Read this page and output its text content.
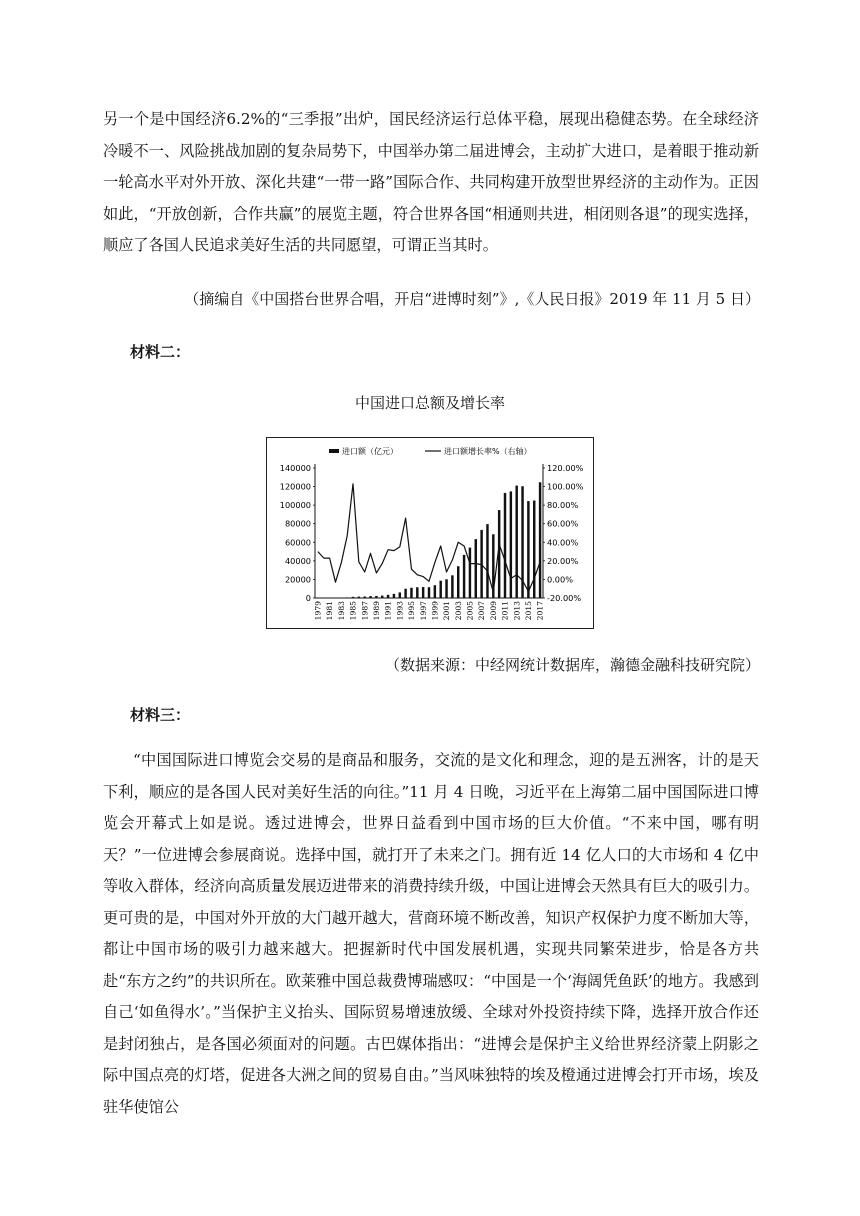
另一个是中国经济6.2%的“三季报”出炉，国民经济运行总体平稳，展现出稳健态势。在全球经济冷暖不一、风险挑战加剧的复杂局势下，中国举办第二届进博会，主动扩大进口，是着眼于推动新一轮高水平对外开放、深化共建“一带一路”国际合作、共同构建开放型世界经济的主动作为。正因如此，“开放创新，合作共赢”的展览主题，符合世界各国“相通则共进，相闭则各退”的现实选择，顺应了各国人民追求美好生活的共同愿望，可谓正当其时。

（摘编自《中国搭台世界合唱，开启“进博时刻”》,《人民日报》2019 年 11 月 5 日）

材料二：

中国进口总额及增长率

进口额（亿元）	进口额增长率%（右轴）
1979 1981 1983 1985 1987 1989 1991 1993 1995 1997 1999 2001 2003 2005 2007 2009 2011 2013 2015 2017
140000
120000
100000
80000
60000
40000
20000
0
120.00%
100.00%
80.00%
60.00%
40.00%
20.00%
0.00%
-20.00%

（数据来源：中经网统计数据库，瀚德金融科技研究院）

材料三：

“中国国际进口博览会交易的是商品和服务，交流的是文化和理念，迎的是五洲客，计的是天下利，顺应的是各国人民对美好生活的向往。”11 月 4 日晚，习近平在上海第二届中国国际进口博览会开幕式上如是说。透过进博会，世界日益看到中国市场的巨大价值。“不来中国，哪有明天？”一位进博会参展商说。选择中国，就打开了未来之门。拥有近 14 亿人口的大市场和 4 亿中等收入群体，经济向高质量发展迈进带来的消费持续升级，中国让进博会天然具有巨大的吸引力。更可贵的是，中国对外开放的大门越开越大，营商环境不断改善，知识产权保护力度不断加大等，都让中国市场的吸引力越来越大。把握新时代中国发展机遇，实现共同繁荣进步，恰是各方共赴“东方之约”的共识所在。欧莱雅中国总裁费博瑞感叹：“中国是一个‘海阔凭鱼跃’的地方。我感到自己‘如鱼得水’。”当保护主义抬头、国际贸易增速放缓、全球对外投资持续下降，选择开放合作还是封闭独占，是各国必须面对的问题。古巴媒体指出：“进博会是保护主义给世界经济蒙上阴影之际中国点亮的灯塔，促进各大洲之间的贸易自由。”当风味独特的埃及橙通过进博会打开市场，埃及驻华使馆公
